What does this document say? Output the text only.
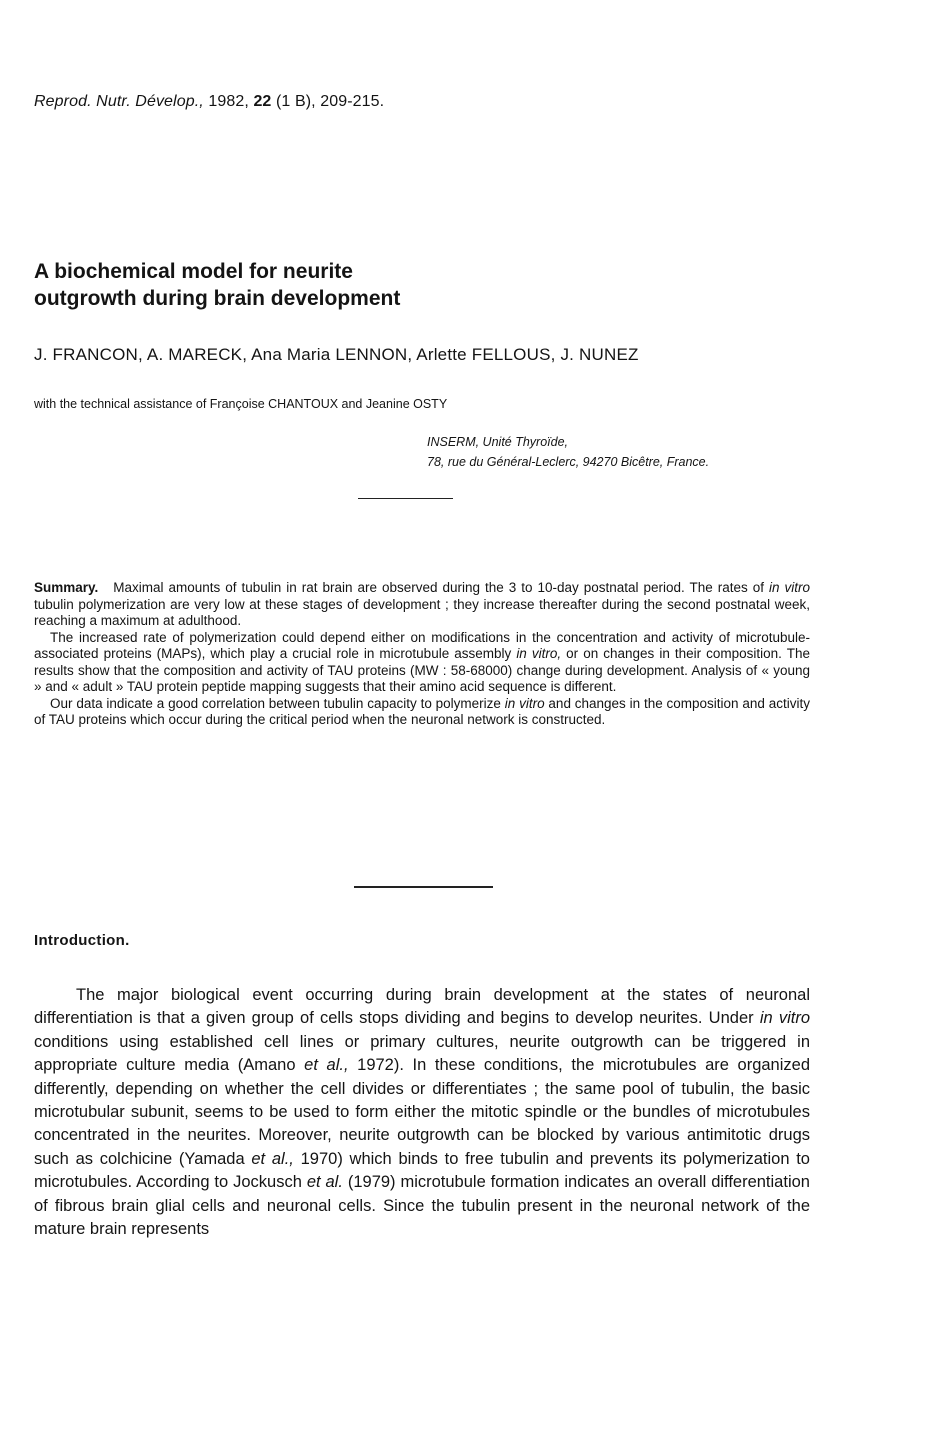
Reprod. Nutr. Dévelop., 1982, 22 (1 B), 209-215.
A biochemical model for neurite
outgrowth during brain development
J. FRANCON, A. MARECK, Ana Maria LENNON, Arlette FELLOUS, J. NUNEZ
with the technical assistance of Françoise CHANTOUX and Jeanine OSTY
INSERM, Unité Thyroïde,
78, rue du Général-Leclerc, 94270 Bicêtre, France.

Summary. Maximal amounts of tubulin in rat brain are observed during the 3 to 10-day postnatal period. The rates of in vitro tubulin polymerization are very low at these stages of development ; they increase thereafter during the second postnatal week, reaching a maximum at adulthood.

The increased rate of polymerization could depend either on modifications in the concentration and activity of microtubule-associated proteins (MAPs), which play a crucial role in microtubule assembly in vitro, or on changes in their composition. The results show that the composition and activity of TAU proteins (MW : 58-68000) change during development. Analysis of « young » and « adult » TAU protein peptide mapping suggests that their amino acid sequence is different.

Our data indicate a good correlation between tubulin capacity to polymerize in vitro and changes in the composition and activity of TAU proteins which occur during the critical period when the neuronal network is constructed.

Introduction.

The major biological event occurring during brain development at the states of neuronal differentiation is that a given group of cells stops dividing and begins to develop neurites. Under in vitro conditions using established cell lines or primary cultures, neurite outgrowth can be triggered in appropriate culture media (Amano et al., 1972). In these conditions, the microtubules are organized differently, depending on whether the cell divides or differentiates ; the same pool of tubulin, the basic microtubular subunit, seems to be used to form either the mitotic spindle or the bundles of microtubules concentrated in the neurites. Moreover, neurite outgrowth can be blocked by various antimitotic drugs such as colchicine (Yamada et al., 1970) which binds to free tubulin and prevents its polymerization to microtubules. According to Jockusch et al. (1979) microtubule formation indicates an overall differentiation of fibrous brain glial cells and neuronal cells. Since the tubulin present in the neuronal network of the mature brain represents
